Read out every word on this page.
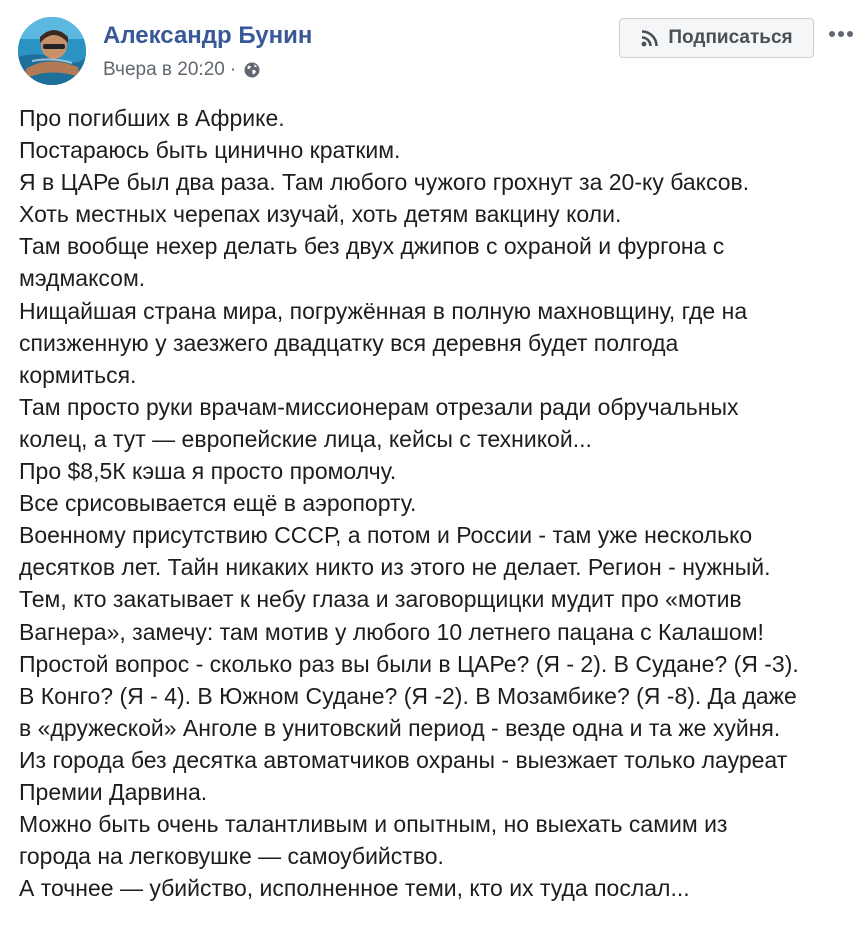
Александр Бунин
Вчера в 20:20 ·
Подписаться
Про погибших в Африке.
Постараюсь быть цинично кратким.
Я в ЦАРе был два раза. Там любого чужого грохнут за 20-ку баксов.
Хоть местных черепах изучай, хоть детям вакцину коли.
Там вообще нехер делать без двух джипов с охраной и фургона с
мэдмаксом.
Нищайшая страна мира, погружённая в полную махновщину, где на
спизженную у заезжего двадцатку вся деревня будет полгода
кормиться.
Там просто руки врачам-миссионерам отрезали ради обручальных
колец, а тут — европейские лица, кейсы с техникой...
Про $8,5К кэша я просто промолчу.
Все срисовывается ещё в аэропорту.
Военному присутствию СССР, а потом и России - там уже несколько
десятков лет. Тайн никаких никто из этого не делает. Регион - нужный.
Тем, кто закатывает к небу глаза и заговорщицки мудит про «мотив
Вагнера», замечу: там мотив у любого 10 летнего пацана с Калашом!
Простой вопрос - сколько раз вы были в ЦАРе? (Я - 2). В Судане? (Я -3).
В Конго? (Я - 4). В Южном Судане? (Я -2). В Мозамбике? (Я -8). Да даже
в «дружеской» Анголе в унитовский период - везде одна и та же хуйня.
Из города без десятка автоматчиков охраны - выезжает только лауреат
Премии Дарвина.
Можно быть очень талантливым и опытным, но выехать самим из
города на легковушке — самоубийство.
А точнее — убийство, исполненное теми, кто их туда послал...
